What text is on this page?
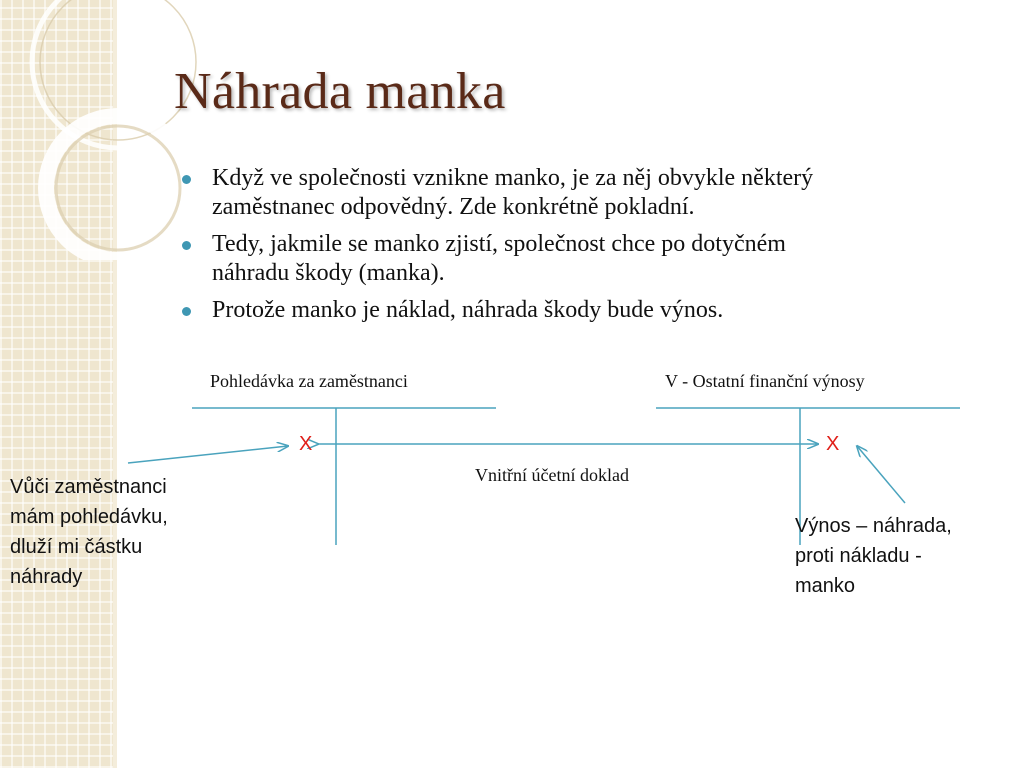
Náhrada manka
Když ve společnosti vznikne manko, je za něj obvykle některý
zaměstnanec odpovědný. Zde konkrétně pokladní.
Tedy, jakmile se manko zjistí, společnost chce po dotyčném
náhradu škody (manka).
Protože manko je náklad, náhrada škody bude výnos.
Pohledávka za zaměstnanci	V - Ostatní finanční výnosy
X	X
Vnitřní účetní doklad
Vůči zaměstnanci
mám pohledávku,
dluží mi částku
náhrady
Výnos – náhrada,
proti nákladu -
manko
